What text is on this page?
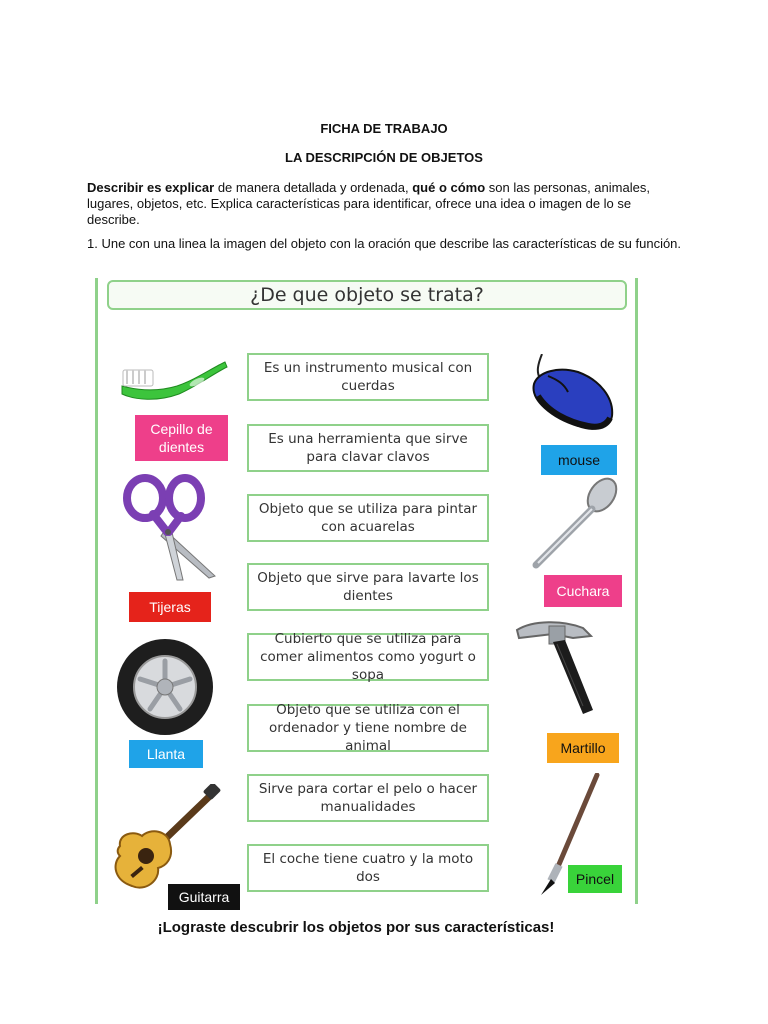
FICHA DE TRABAJO
LA DESCRIPCIÓN DE OBJETOS
Describir es explicar de manera detallada y ordenada, qué o cómo son las personas, animales, lugares, objetos, etc. Explica características para identificar, ofrece una idea o imagen de lo se describe.
1. Une con una linea la imagen del objeto con la oración que describe las características de su función.
¿De que objeto se trata?
Es un instrumento musical con cuerdas
Es una herramienta que sirve para clavar clavos
Objeto que se utiliza para pintar con acuarelas
Objeto que sirve para lavarte los dientes
Cubierto que se utiliza para comer alimentos como yogurt o sopa
Objeto que se utiliza con el ordenador y tiene nombre de animal
Sirve para cortar el pelo o hacer manualidades
El coche tiene cuatro y la moto dos
Cepillo de dientes
Tijeras
Llanta
Guitarra
mouse
Cuchara
Martillo
Pincel
¡Lograste descubrir los objetos por sus características!
